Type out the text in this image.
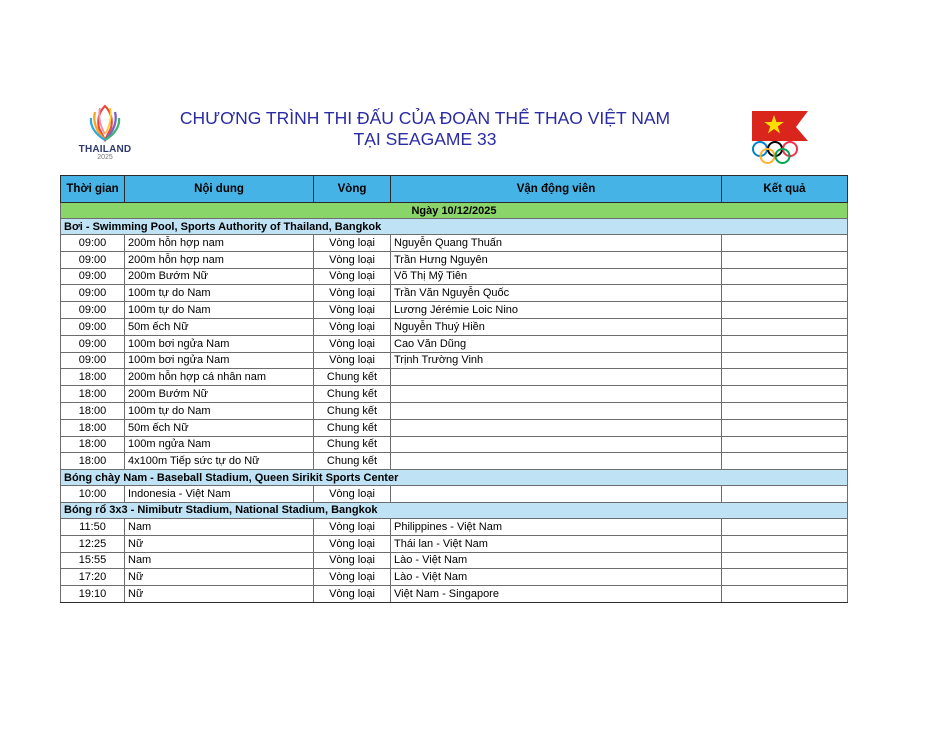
THAILAND
2025
CHƯƠNG TRÌNH THI ĐẤU CỦA ĐOÀN THỂ THAO VIỆT NAM
TẠI SEAGAME 33
Thời gian	Nội dung	Vòng	Vận động viên	Kết quả
Ngày 10/12/2025				
Bơi - Swimming Pool, Sports Authority of Thailand, Bangkok				
09:00	200m hỗn hợp nam	Vòng loại	Nguyễn Quang Thuấn	
09:00	200m hỗn hợp nam	Vòng loại	Trần Hưng Nguyên	
09:00	200m Bướm Nữ	Vòng loại	Võ Thị Mỹ Tiên	
09:00	100m tự do Nam	Vòng loại	Trần Văn Nguyễn Quốc	
09:00	100m tự do Nam	Vòng loại	Lương Jérémie Loic Nino	
09:00	50m ếch Nữ	Vòng loại	Nguyễn Thuý Hiền	
09:00	100m bơi ngửa Nam	Vòng loại	Cao Văn Dũng	
09:00	100m bơi ngửa Nam	Vòng loại	Trịnh Trường Vinh	
18:00	200m hỗn hợp cá nhân nam	Chung kết		
18:00	200m Bướm Nữ	Chung kết		
18:00	100m tự do Nam	Chung kết		
18:00	50m ếch Nữ	Chung kết		
18:00	100m ngửa Nam	Chung kết		
18:00	4x100m Tiếp sức tự do Nữ	Chung kết		
Bóng chày Nam - Baseball Stadium, Queen Sirikit Sports Center				
10:00	Indonesia - Việt Nam	Vòng loại		
Bóng rổ 3x3 - Nimibutr Stadium, National Stadium, Bangkok				
11:50	Nam	Vòng loại	Philippines - Việt Nam	
12:25	Nữ	Vòng loại	Thái lan - Việt Nam	
15:55	Nam	Vòng loại	Lào - Việt Nam	
17:20	Nữ	Vòng loại	Lào - Việt Nam	
19:10	Nữ	Vòng loại	Việt Nam - Singapore	
